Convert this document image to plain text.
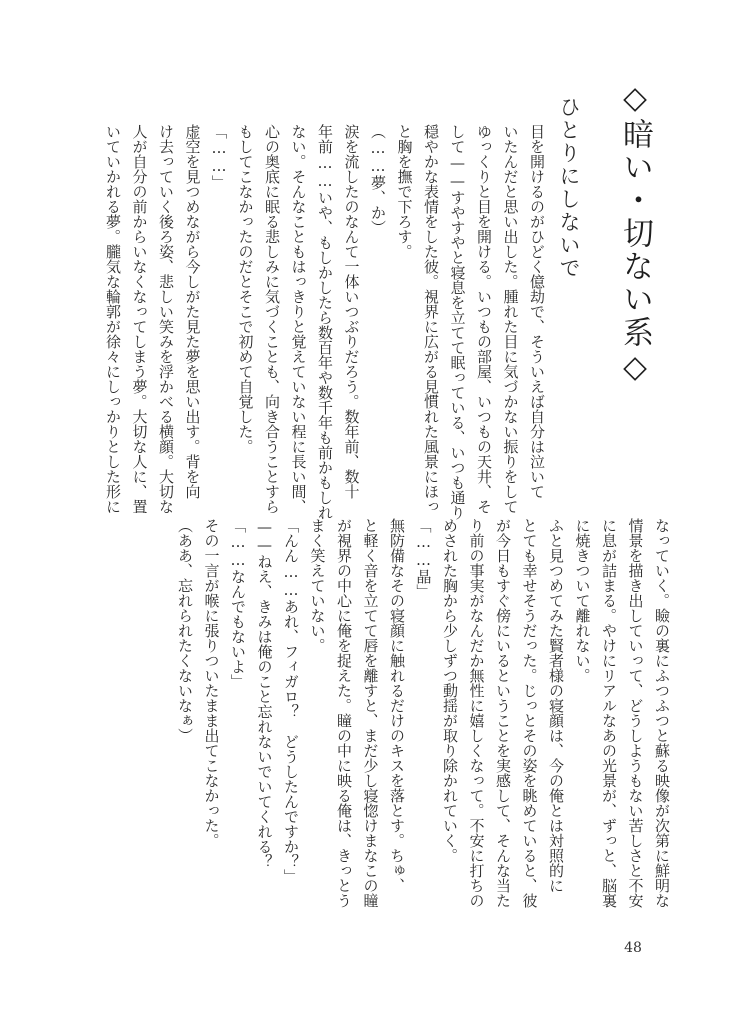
◇暗い・切ない系◇
ひとりにしないで
目を開けるのがひどく億劫で、そういえば自分は泣いて
いたんだと思い出した。腫れた目に気づかない振りをして
ゆっくりと目を開ける。いつもの部屋、いつもの天井、そ
して——すやすやと寝息を立てて眠っている、いつも通り
穏やかな表情をした彼。視界に広がる見慣れた風景にほっ
と胸を撫で下ろす。
（……夢、か）
涙を流したのなんて一体いつぶりだろう。数年前、数十
年前……いや、もしかしたら数百年や数千年も前かもしれ
ない。そんなこともはっきりと覚えていない程に長い間、
心の奥底に眠る悲しみに気づくことも、向き合うことすら
もしてこなかったのだとそこで初めて自覚した。
「……」
虚空を見つめながら今しがた見た夢を思い出す。背を向
け去っていく後ろ姿、悲しい笑みを浮かべる横顔。大切な
人が自分の前からいなくなってしまう夢。大切な人に、置
いていかれる夢。朧気な輪郭が徐々にしっかりとした形に
なっていく。瞼の裏にふつふつと蘇る映像が次第に鮮明な
情景を描き出していって、どうしようもない苦しさと不安
に息が詰まる。やけにリアルなあの光景が、ずっと、脳裏
に焼きついて離れない。
ふと見つめてみた賢者様の寝顔は、今の俺とは対照的に
とても幸せそうだった。じっとその姿を眺めていると、彼
が今日もすぐ傍にいるということを実感して、そんな当た
り前の事実がなんだか無性に嬉しくなって。不安に打ちの
めされた胸から少しずつ動揺が取り除かれていく。
「……晶」
無防備なその寝顔に触れるだけのキスを落とす。ちゅ、
と軽く音を立てて唇を離すと、まだ少し寝惚けまなこの瞳
が視界の中心に俺を捉えた。瞳の中に映る俺は、きっとう
まく笑えていない。
「んん……あれ、フィガロ？　どうしたんですか？」
——ねえ、きみは俺のこと忘れないでいてくれる？
「……なんでもないよ」
その一言が喉に張りついたまま出てこなかった。
（ああ、忘れられたくないなぁ）
48
